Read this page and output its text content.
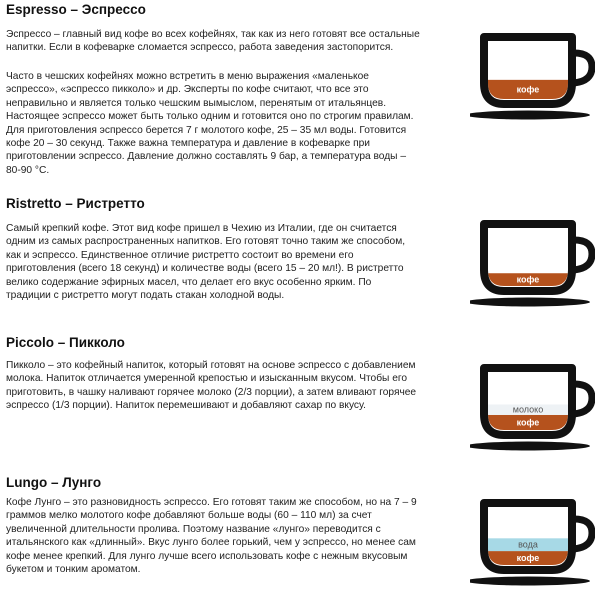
Espresso – Эспрессо

Эспрессо – главный вид кофе во всех кофейнях, так как из него готовят все остальные
напитки. Если в кофеварке сломается эспрессо, работа заведения застопорится.

Часто в чешских кофейнях можно встретить в меню выражения «маленькое
эспрессо», «эспрессо пикколо» и др. Эксперты по кофе считают, что все это
неправильно и является только чешским вымыслом, перенятым от итальянцев.
Настоящее эспрессо может быть только одним и готовится оно по строгим правилам.
Для приготовления эспрессо берется 7 г молотого кофе, 25 – 35 мл воды. Готовится
кофе 20 – 30 секунд. Также важна температура и давление в кофеварке при
приготовлении эспрессо. Давление должно составлять 9 бар, а температура воды –
80-90 °C.

кофе
Ristretto – Ристретто

Самый крепкий кофе. Этот вид кофе пришел в Чехию из Италии, где он считается
одним из самых распространенных напитков. Его готовят точно таким же способом,
как и эспрессо. Единственное отличие ристретто состоит во времени его
приготовления (всего 18 секунд) и количестве воды (всего 15 – 20 мл!). В ристретто
велико содержание эфирных масел, что делает его вкус особенно ярким. По
традиции с ристретто могут подать стакан холодной воды.

кофе
Piccolo – Пикколо

Пикколо – это кофейный напиток, который готовят на основе эспрессо с добавлением
молока. Напиток отличается умеренной крепостью и изысканным вкусом. Чтобы его
приготовить, в чашку наливают горячее молоко (2/3 порции), а затем вливают горячее
эспрессо (1/3 порции). Напиток перемешивают и добавляют сахар по вкусу.

кофе
молоко
Lungo – Лунго

Кофе Лунго – это разновидность эспрессо. Его готовят таким же способом, но на 7 – 9
граммов мелко молотого кофе добавляют больше воды (60 – 110 мл) за счет
увеличенной длительности пролива. Поэтому название «лунго» переводится с
итальянского как «длинный». Вкус лунго более горький, чем у эспрессо, но менее сам
кофе менее крепкий. Для лунго лучше всего использовать кофе с нежным вкусовым
букетом и тонким ароматом.

кофе
вода
